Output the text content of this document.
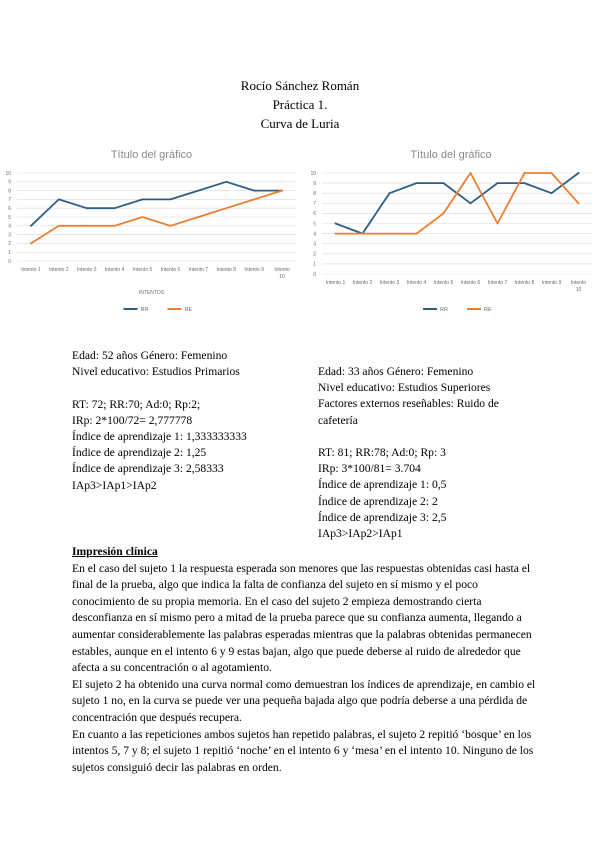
Rocío Sánchez Román
Práctica 1.
Curva de Luria
Título del gráfico
0
1
2
3
4
5
6
7
8
9
10
Intento 1 Intento 2 Intento 3 Intento 4 Intento 5 Intento 6 Intento 7 Intento 8 Intento 9 Intento
10
INTENTOS
RR	RE
Título del gráfico
0
1
2
3
4
5
6
7
8
9
10
Intento 1 Intento 2 Intento 3 Intento 4 Intento 5 Intento 6 Intento 7 Intento 8 Intento 9 Intento
10
RR	RE
Edad: 52 años Género: Femenino
Nivel educativo: Estudios Primarios
RT: 72; RR:70; Ad:0; Rp:2;
IRp: 2*100/72= 2,777778
Índice de aprendizaje 1: 1,333333333
Índice de aprendizaje 2: 1,25
Índice de aprendizaje 3: 2,58333
IAp3>IAp1>IAp2
Edad: 33 años Género: Femenino
Nivel educativo: Estudios Superiores
Factores externos reseñables: Ruido de cafetería
RT: 81; RR:78; Ad:0; Rp: 3
IRp: 3*100/81= 3.704
Índice de aprendizaje 1: 0,5
Índice de aprendizaje 2: 2
Índice de aprendizaje 3: 2,5
IAp3>IAp2>IAp1
Impresión clínica

En el caso del sujeto 1 la respuesta esperada son menores que las respuestas obtenidas casi hasta el final de la prueba, algo que indica la falta de confianza del sujeto en sí mismo y el poco conocimiento de su propia memoria. En el caso del sujeto 2 empieza demostrando cierta desconfianza en sí mismo pero a mitad de la prueba parece que su confianza aumenta, llegando a aumentar considerablemente las palabras esperadas mientras que la palabras obtenidas permanecen estables, aunque en el intento 6 y 9 estas bajan, algo que puede deberse al ruido de alrededor que afecta a su concentración o al agotamiento.

El sujeto 2 ha obtenido una curva normal como demuestran los índices de aprendizaje, en cambio el sujeto 1 no, en la curva se puede ver una pequeña bajada algo que podría deberse a una pérdida de concentración que después recupera.

En cuanto a las repeticiones ambos sujetos han repetido palabras, el sujeto 2 repitió ‘bosque’ en los intentos 5, 7 y 8; el sujeto 1 repitió ‘noche’ en el intento 6 y ‘mesa’ en el intento 10. Ninguno de los sujetos consiguió decir las palabras en orden.
